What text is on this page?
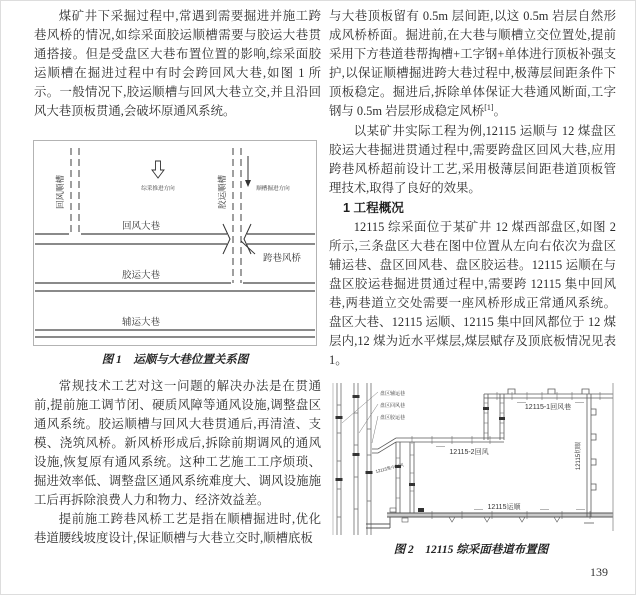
煤矿井下采掘过程中,常遇到需要掘进并施工跨巷风桥的情况,如综采面胶运顺槽需要与胶运大巷贯通搭接。但是受盘区大巷布置位置的影响,综采面胶运顺槽在掘进过程中有时会跨回风大巷,如图 1 所示。一般情况下,胶运顺槽与回风大巷立交,并且沿回风大巷顶板贯通,会破坏原通风系统。

回风顺槽	胶运顺槽
综采推进方向	顺槽掘进方向
回风大巷
胶运大巷
辅运大巷
跨巷风桥

图 1　运顺与大巷位置关系图

常规技术工艺对这一问题的解决办法是在贯通前,提前施工调节闭、硬质风障等通风设施,调整盘区通风系统。胶运顺槽与回风大巷贯通后,再清渣、支模、浇筑风桥。新风桥形成后,拆除前期调风的通风设施,恢复原有通风系统。这种工艺施工工序烦琐、掘进效率低、调整盘区通风系统难度大、调风设施施工后再拆除浪费人力和物力、经济效益差。

提前施工跨巷风桥工艺是指在顺槽掘进时,优化巷道腰线坡度设计,保证顺槽与大巷立交时,顺槽底板

与大巷顶板留有 0.5m 层间距,以这 0.5m 岩层自然形成风桥桥面。掘进前,在大巷与顺槽立交位置处,提前采用下方巷道巷帮掏槽+工字钢+单体进行顶板补强支护,以保证顺槽掘进跨大巷过程中,极薄层间距条件下顶板稳定。掘进后,拆除单体保证大巷通风断面,工字钢与 0.5m 岩层形成稳定风桥[1]。

以某矿井实际工程为例,12115 运顺与 12 煤盘区胶运大巷掘进贯通过程中,需要跨盘区回风大巷,应用跨巷风桥超前设计工艺,采用极薄层间距巷道顶板管理技术,取得了良好的效果。

1 工程概况

12115 综采面位于某矿井 12 煤西部盘区,如图 2 所示,三条盘区大巷在图中位置从左向右依次为盘区辅运巷、盘区回风巷、盘区胶运巷。12115 运顺在与盘区胶运巷掘进贯通过程中,需要跨 12115 集中回风巷,两巷道立交处需要一座风桥形成正常通风系统。盘区大巷、12115 运顺、12115 集中回风都位于 12 煤层内,12 煤为近水平煤层,煤层赋存及顶底板情况见表 1。

盘区辅运巷
盘区回风巷
盘区胶运巷
12115-1回风巷
12115-2回风
12115集中回风
12115运顺
12115切眼

图 2　12115 综采面巷道布置图

139
